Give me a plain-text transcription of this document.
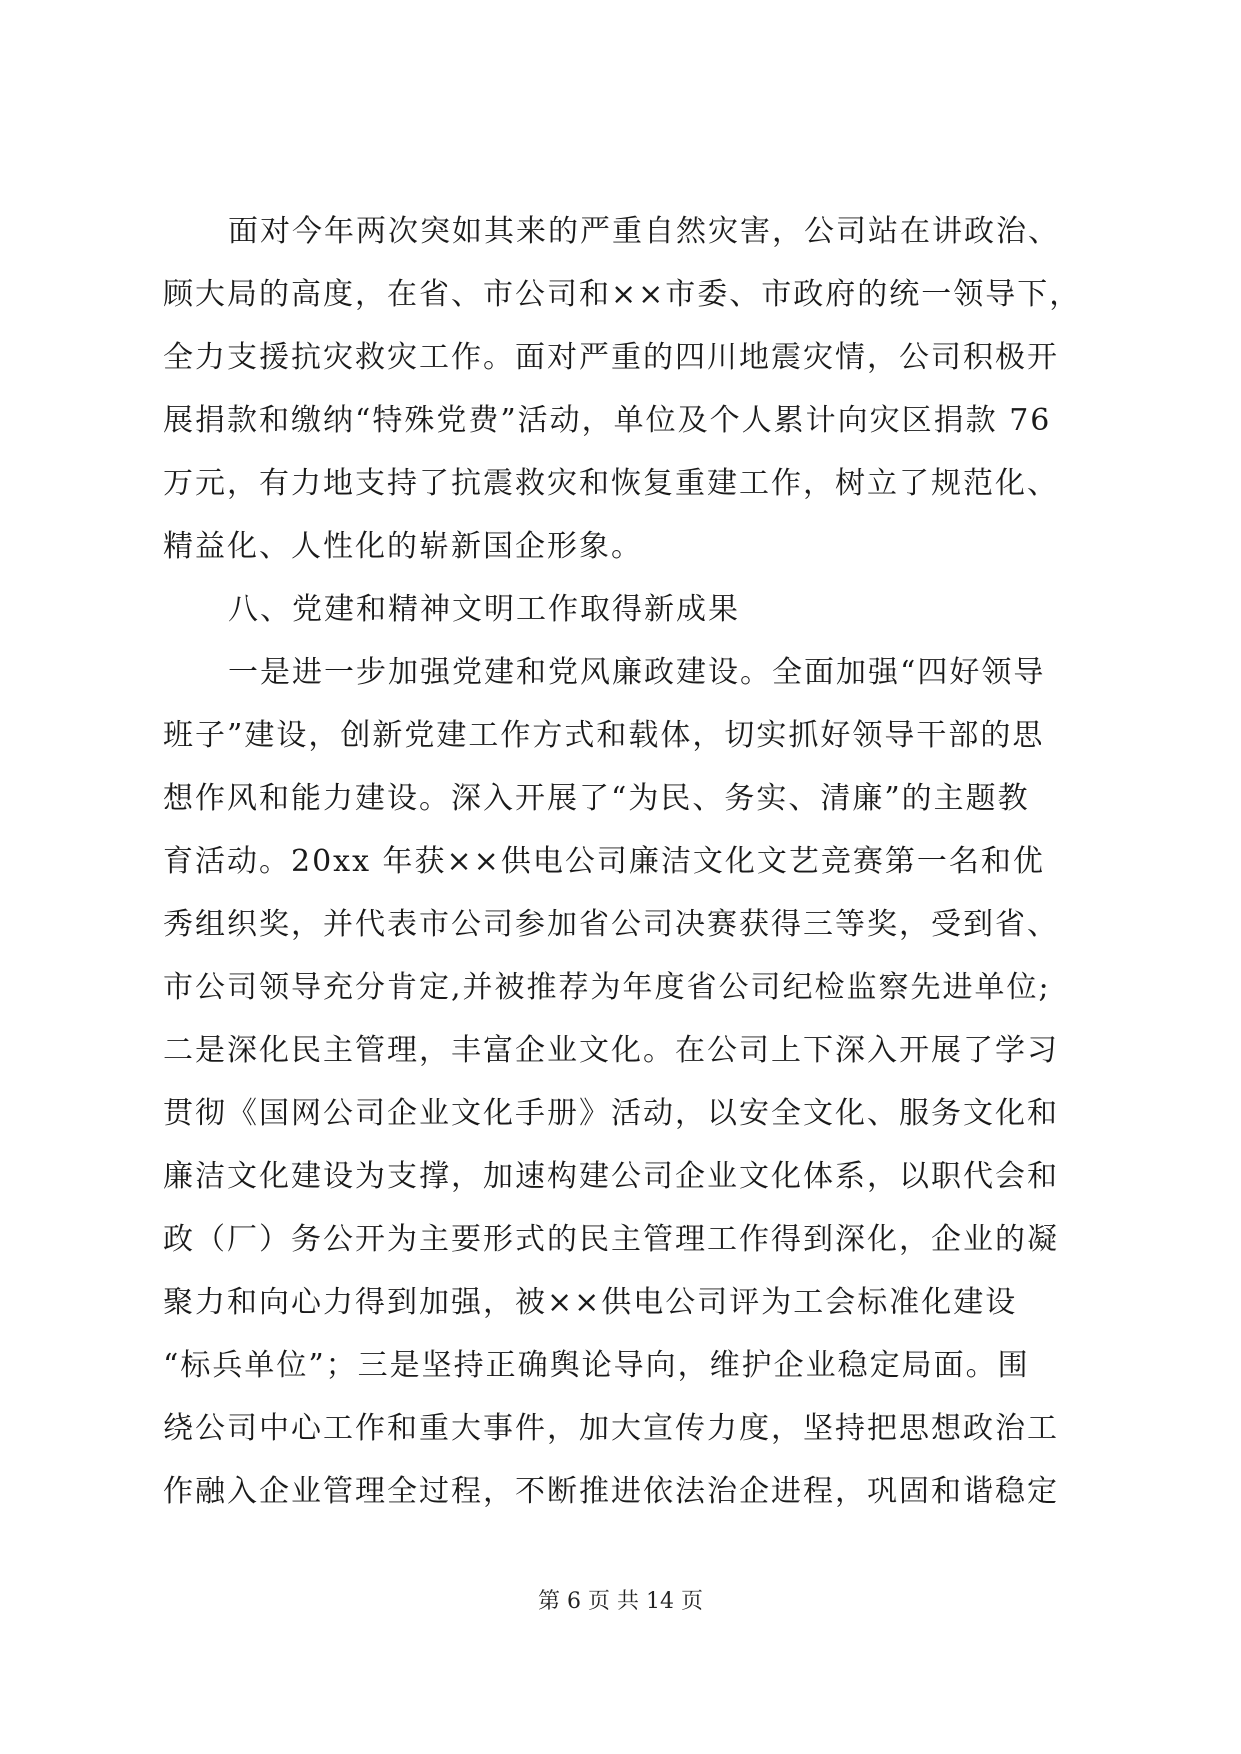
面对今年两次突如其来的严重自然灾害，公司站在讲政治、
顾大局的高度，在省、市公司和××市委、市政府的统一领导下，
全力支援抗灾救灾工作。面对严重的四川地震灾情，公司积极开
展捐款和缴纳“特殊党费”活动，单位及个人累计向灾区捐款 76
万元，有力地支持了抗震救灾和恢复重建工作，树立了规范化、
精益化、人性化的崭新国企形象。
八、党建和精神文明工作取得新成果
一是进一步加强党建和党风廉政建设。全面加强“四好领导
班子”建设，创新党建工作方式和载体，切实抓好领导干部的思
想作风和能力建设。深入开展了“为民、务实、清廉”的主题教
育活动。20xx 年获××供电公司廉洁文化文艺竞赛第一名和优
秀组织奖，并代表市公司参加省公司决赛获得三等奖，受到省、
市公司领导充分肯定,并被推荐为年度省公司纪检监察先进单位;
二是深化民主管理，丰富企业文化。在公司上下深入开展了学习
贯彻《国网公司企业文化手册》活动，以安全文化、服务文化和
廉洁文化建设为支撑，加速构建公司企业文化体系，以职代会和
政（厂）务公开为主要形式的民主管理工作得到深化，企业的凝
聚力和向心力得到加强，被××供电公司评为工会标准化建设
“标兵单位”；三是坚持正确舆论导向，维护企业稳定局面。围
绕公司中心工作和重大事件，加大宣传力度，坚持把思想政治工
作融入企业管理全过程，不断推进依法治企进程，巩固和谐稳定
第 6 页 共 14 页
